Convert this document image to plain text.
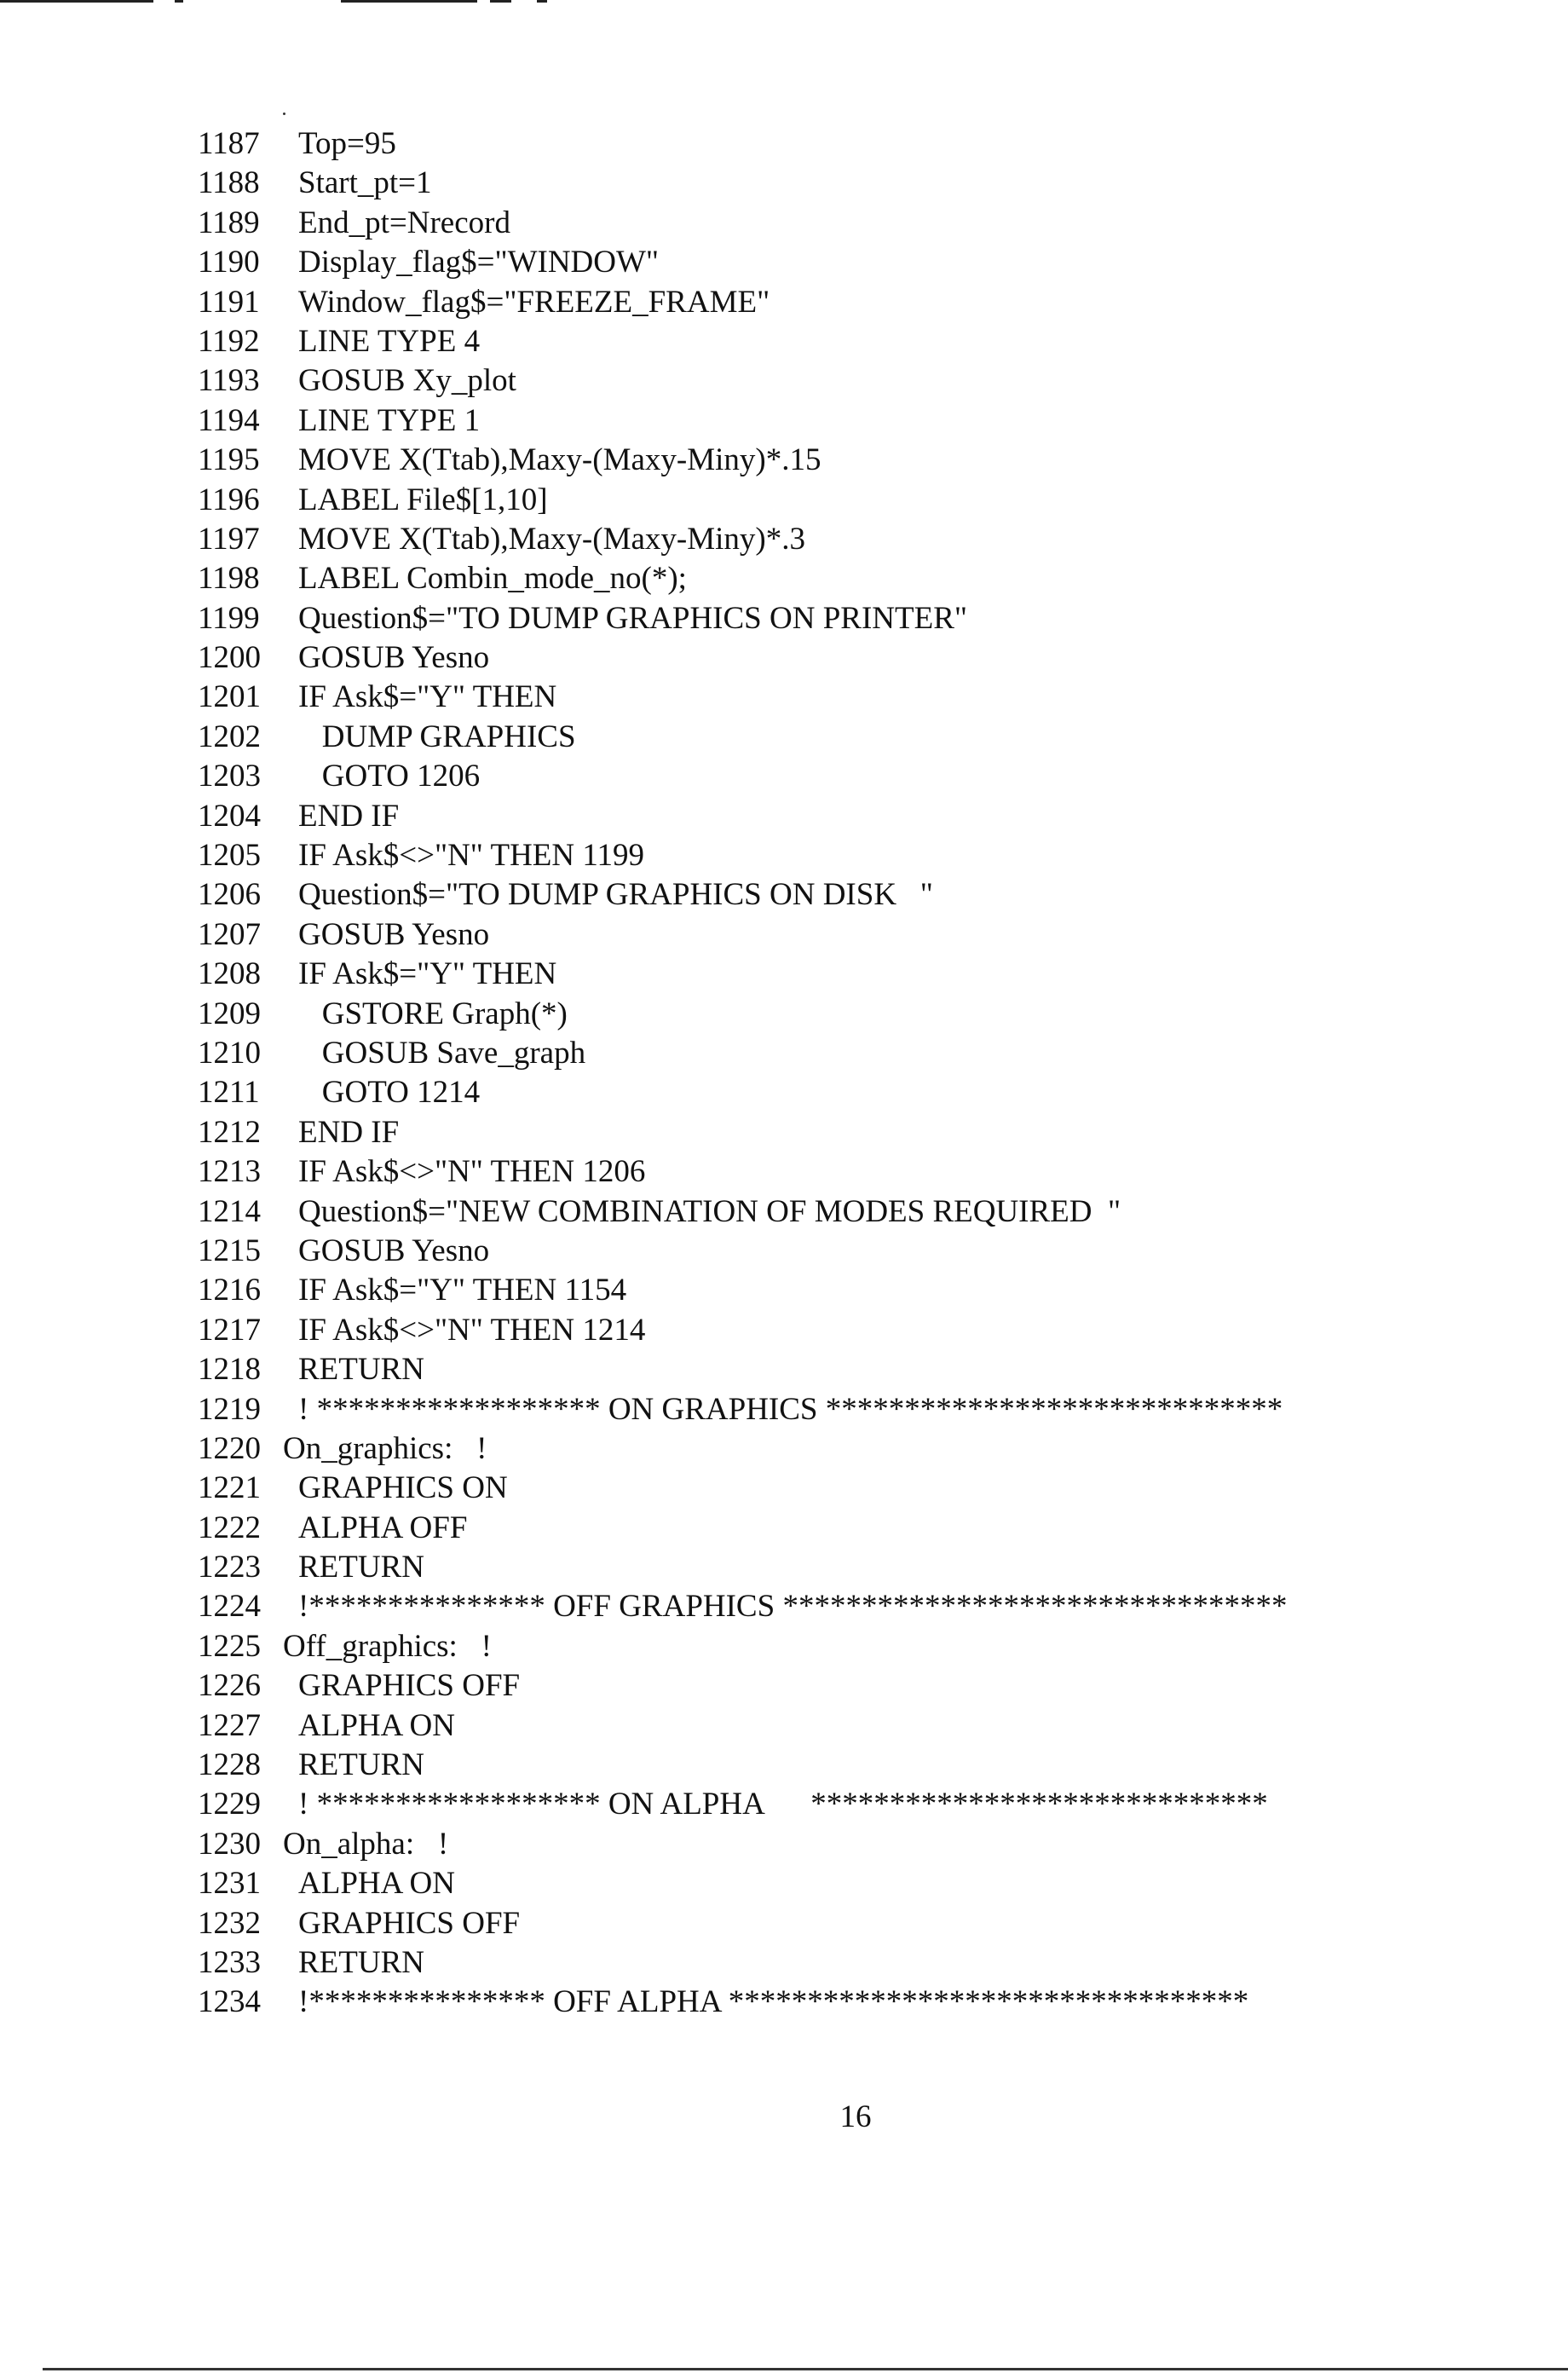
1187	Top=95
1188	Start_pt=1
1189	End_pt=Nrecord
1190	Display_flag$="WINDOW"
1191	Window_flag$="FREEZE_FRAME"
1192	LINE TYPE 4
1193	GOSUB Xy_plot
1194	LINE TYPE 1
1195	MOVE X(Ttab),Maxy-(Maxy-Miny)*.15
1196	LABEL File$[1,10]
1197	MOVE X(Ttab),Maxy-(Maxy-Miny)*.3
1198	LABEL Combin_mode_no(*);
1199	Question$="TO DUMP GRAPHICS ON PRINTER"
1200	GOSUB Yesno
1201	IF Ask$="Y" THEN
1202	DUMP GRAPHICS
1203	GOTO 1206
1204	END IF
1205	IF Ask$<>"N" THEN 1199
1206	Question$="TO DUMP GRAPHICS ON DISK   "
1207	GOSUB Yesno
1208	IF Ask$="Y" THEN
1209	GSTORE Graph(*)
1210	GOSUB Save_graph
1211	GOTO 1214
1212	END IF
1213	IF Ask$<>"N" THEN 1206
1214	Question$="NEW COMBINATION OF MODES REQUIRED  "
1215	GOSUB Yesno
1216	IF Ask$="Y" THEN 1154
1217	IF Ask$<>"N" THEN 1214
1218	RETURN
1219	! ****************** ON GRAPHICS *****************************
1220 On_graphics:   !
1221	GRAPHICS ON
1222	ALPHA OFF
1223	RETURN
1224	!*************** OFF GRAPHICS ********************************
1225 Off_graphics:   !
1226	GRAPHICS OFF
1227	ALPHA ON
1228	RETURN
1229	! ****************** ON ALPHA      *****************************
1230 On_alpha:   !
1231	ALPHA ON
1232	GRAPHICS OFF
1233	RETURN
1234	!*************** OFF ALPHA *********************************
16
